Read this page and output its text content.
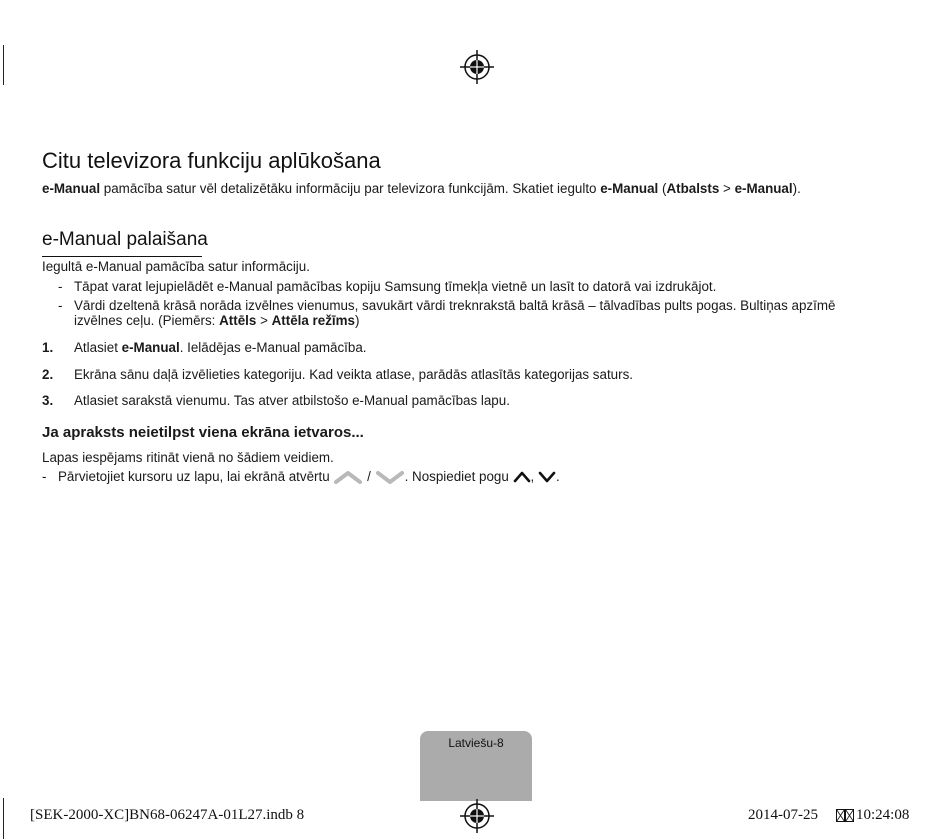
Citu televizora funkciju aplūkošana
e-Manual pamācība satur vēl detalizētāku informāciju par televizora funkcijām. Skatiet iegulto e-Manual (Atbalsts > e-Manual).
e-Manual palaišana
Iegultā e-Manual pamācība satur informāciju.
- Tāpat varat lejupielādēt e-Manual pamācības kopiju Samsung tīmekļa vietnē un lasīt to datorā vai izdrukājot.
- Vārdi dzeltenā krāsā norāda izvēlnes vienumus, savukārt vārdi treknrakstā baltā krāsā – tālvadības pults pogas. Bultiņas apzīmē
izvēlnes ceļu. (Piemērs: Attēls > Attēla režīms)
1. Atlasiet e-Manual. Ielādējas e-Manual pamācība.
2. Ekrāna sānu daļā izvēlieties kategoriju. Kad veikta atlase, parādās atlasītās kategorijas saturs.
3. Atlasiet sarakstā vienumu. Tas atver atbilstošo e-Manual pamācības lapu.
Ja apraksts neietilpst viena ekrāna ietvaros...
Lapas iespējams ritināt vienā no šādiem veidiem.
- Pārvietojiet kursoru uz lapu, lai ekrānā atvērtu  / . Nospiediet pogu , .
Latviešu-8
[SEK-2000-XC]BN68-06247A-01L27.indb 8	2014-07-25	10:24:08
